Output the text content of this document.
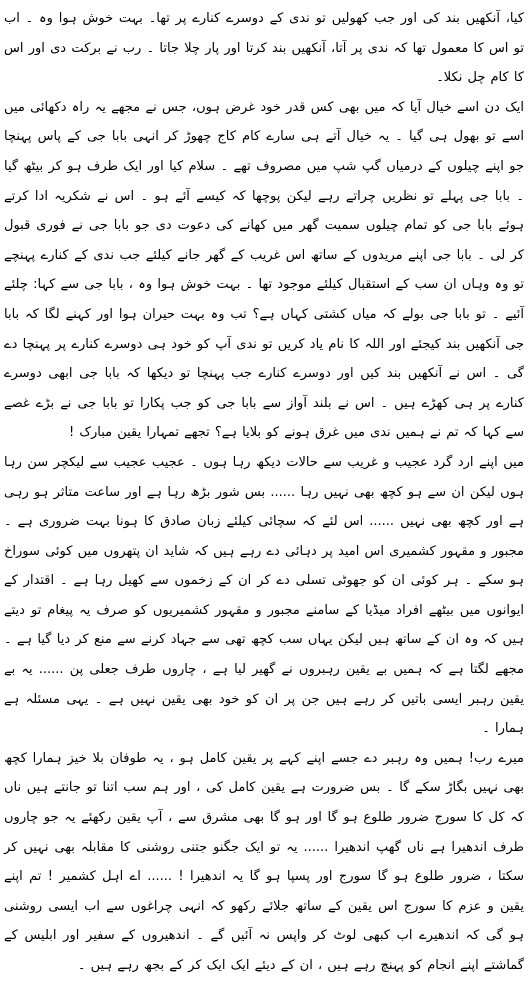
کیا، آنکھیں بند کی اور جب کھولیں تو ندی کے دوسرے کنارے پر تھا۔ بہت خوش ہوا وہ ۔ اب تو اس کا معمول تھا کہ ندی پر آتا، آنکھیں بند کرتا اور پار چلا جاتا ۔ رب نے برکت دی اور اس کا کام چل نکلا۔

ایک دن اسے خیال آیا کہ میں بھی کس قدر خود غرض ہوں، جس نے مجھے یہ راہ دکھائی میں اسے تو بھول ہی گیا ۔ یہ خیال آتے ہی سارے کام کاج چھوڑ کر انہی بابا جی کے پاس پہنچا جو اپنے چیلوں کے درمیاں گپ شپ میں مصروف تھے ۔ سلام کیا اور ایک طرف ہو کر بیٹھ گیا ۔ بابا جی پہلے تو نظریں چراتے رہے لیکن پوچھا کہ کیسے آئے ہو ۔ اس نے شکریہ ادا کرتے ہوئے بابا جی کو تمام چیلوں سمیت گھر میں کھانے کی دعوت دی جو بابا جی نے فوری قبول کر لی ۔ بابا جی اپنے مریدوں کے ساتھ اس غریب کے گھر جانے کیلئے جب ندی کے کنارے پہنچے تو وہ وہاں ان سب کے استقبال کیلئے موجود تھا ۔ بہت خوش ہوا وہ ، بابا جی سے کہا: چلئے آئیے ۔ تو بابا جی بولے کہ میاں کشتی کہاں ہے؟ تب وہ بہت حیران ہوا اور کہنے لگا کہ بابا جی آنکھیں بند کیجئے اور اللہ کا نام یاد کریں تو ندی آپ کو خود ہی دوسرے کنارے پر پہنچا دے گی ۔ اس نے آنکھیں بند کیں اور دوسرے کنارے جب پہنچا تو دیکھا کہ بابا جی ابھی دوسرے کنارے پر ہی کھڑے ہیں ۔ اس نے بلند آواز سے بابا جی کو جب پکارا تو بابا جی نے بڑے غصے سے کہا کہ تم نے ہمیں ندی میں غرق ہونے کو بلایا ہے؟ تجھے تمہارا یقین مبارک !

میں اپنے ارد گرد عجیب و غریب سے حالات دیکھ رہا ہوں ۔ عجیب عجیب سے لیکچر سن رہا ہوں لیکن ان سے ہو کچھ بھی نہیں رہا ...... بس شور بڑھ رہا ہے اور ساعت متاثر ہو رہی ہے اور کچھ بھی نہیں ...... اس لئے کہ سچائی کیلئے زبان صادق کا ہونا بہت ضروری ہے ۔ مجبور و مقہور کشمیری اس امید پر دہائی دے رہے ہیں کہ شاید ان پتھروں میں کوئی سوراخ ہو سکے ۔ ہر کوئی ان کو جھوٹی تسلی دے کر ان کے زخموں سے کھیل رہا ہے ۔ اقتدار کے ایوانوں میں بیٹھے افراد میڈیا کے سامنے مجبور و مقہور کشمیریوں کو صرف یہ پیغام تو دیتے ہیں کہ وہ ان کے ساتھ ہیں لیکن یہاں سب کچھ تھی سے جہاد کرنے سے منع کر دیا گیا ہے ۔ مجھے لگتا ہے کہ ہمیں بے یقین رہبروں نے گھیر لیا ہے ، چاروں طرف جعلی پن ...... یہ بے یقین رہبر ایسی باتیں کر رہے ہیں جن پر ان کو خود بھی یقین نہیں ہے ۔ یہی مسئلہ ہے ہمارا ۔

میرے رب! ہمیں وہ رہبر دے جسے اپنے کہے پر یقین کامل ہو ، یہ طوفان بلا خیز ہمارا کچھ بھی نہیں بگاڑ سکے گا ۔ بس ضرورت ہے یقین کامل کی ، اور ہم سب اتنا تو جانتے ہیں ناں کہ کل کا سورج ضرور طلوع ہو گا اور ہو گا بھی مشرق سے ، آپ یقین رکھئے یہ جو چاروں طرف اندھیرا ہے ناں گھپ اندھیرا ...... یہ تو ایک جگنو جتنی روشنی کا مقابلہ بھی نہیں کر سکتا ، ضرور طلوع ہو گا سورج اور پسپا ہو گا یہ اندھیرا ! ...... اے اہل کشمیر ! تم اپنے یقین و عزم کا سورج اس یقین کے ساتھ جلائے رکھو کہ انہی چراغوں سے اب ایسی روشنی ہو گی کہ اندھیرے اب کبھی لوٹ کر واپس نہ آئیں گے ۔ اندھیروں کے سفیر اور ابلیس کے گماشتے اپنے انجام کو پہنچ رہے ہیں ، ان کے دیئے ایک ایک کر کے بجھ رہے ہیں ۔
